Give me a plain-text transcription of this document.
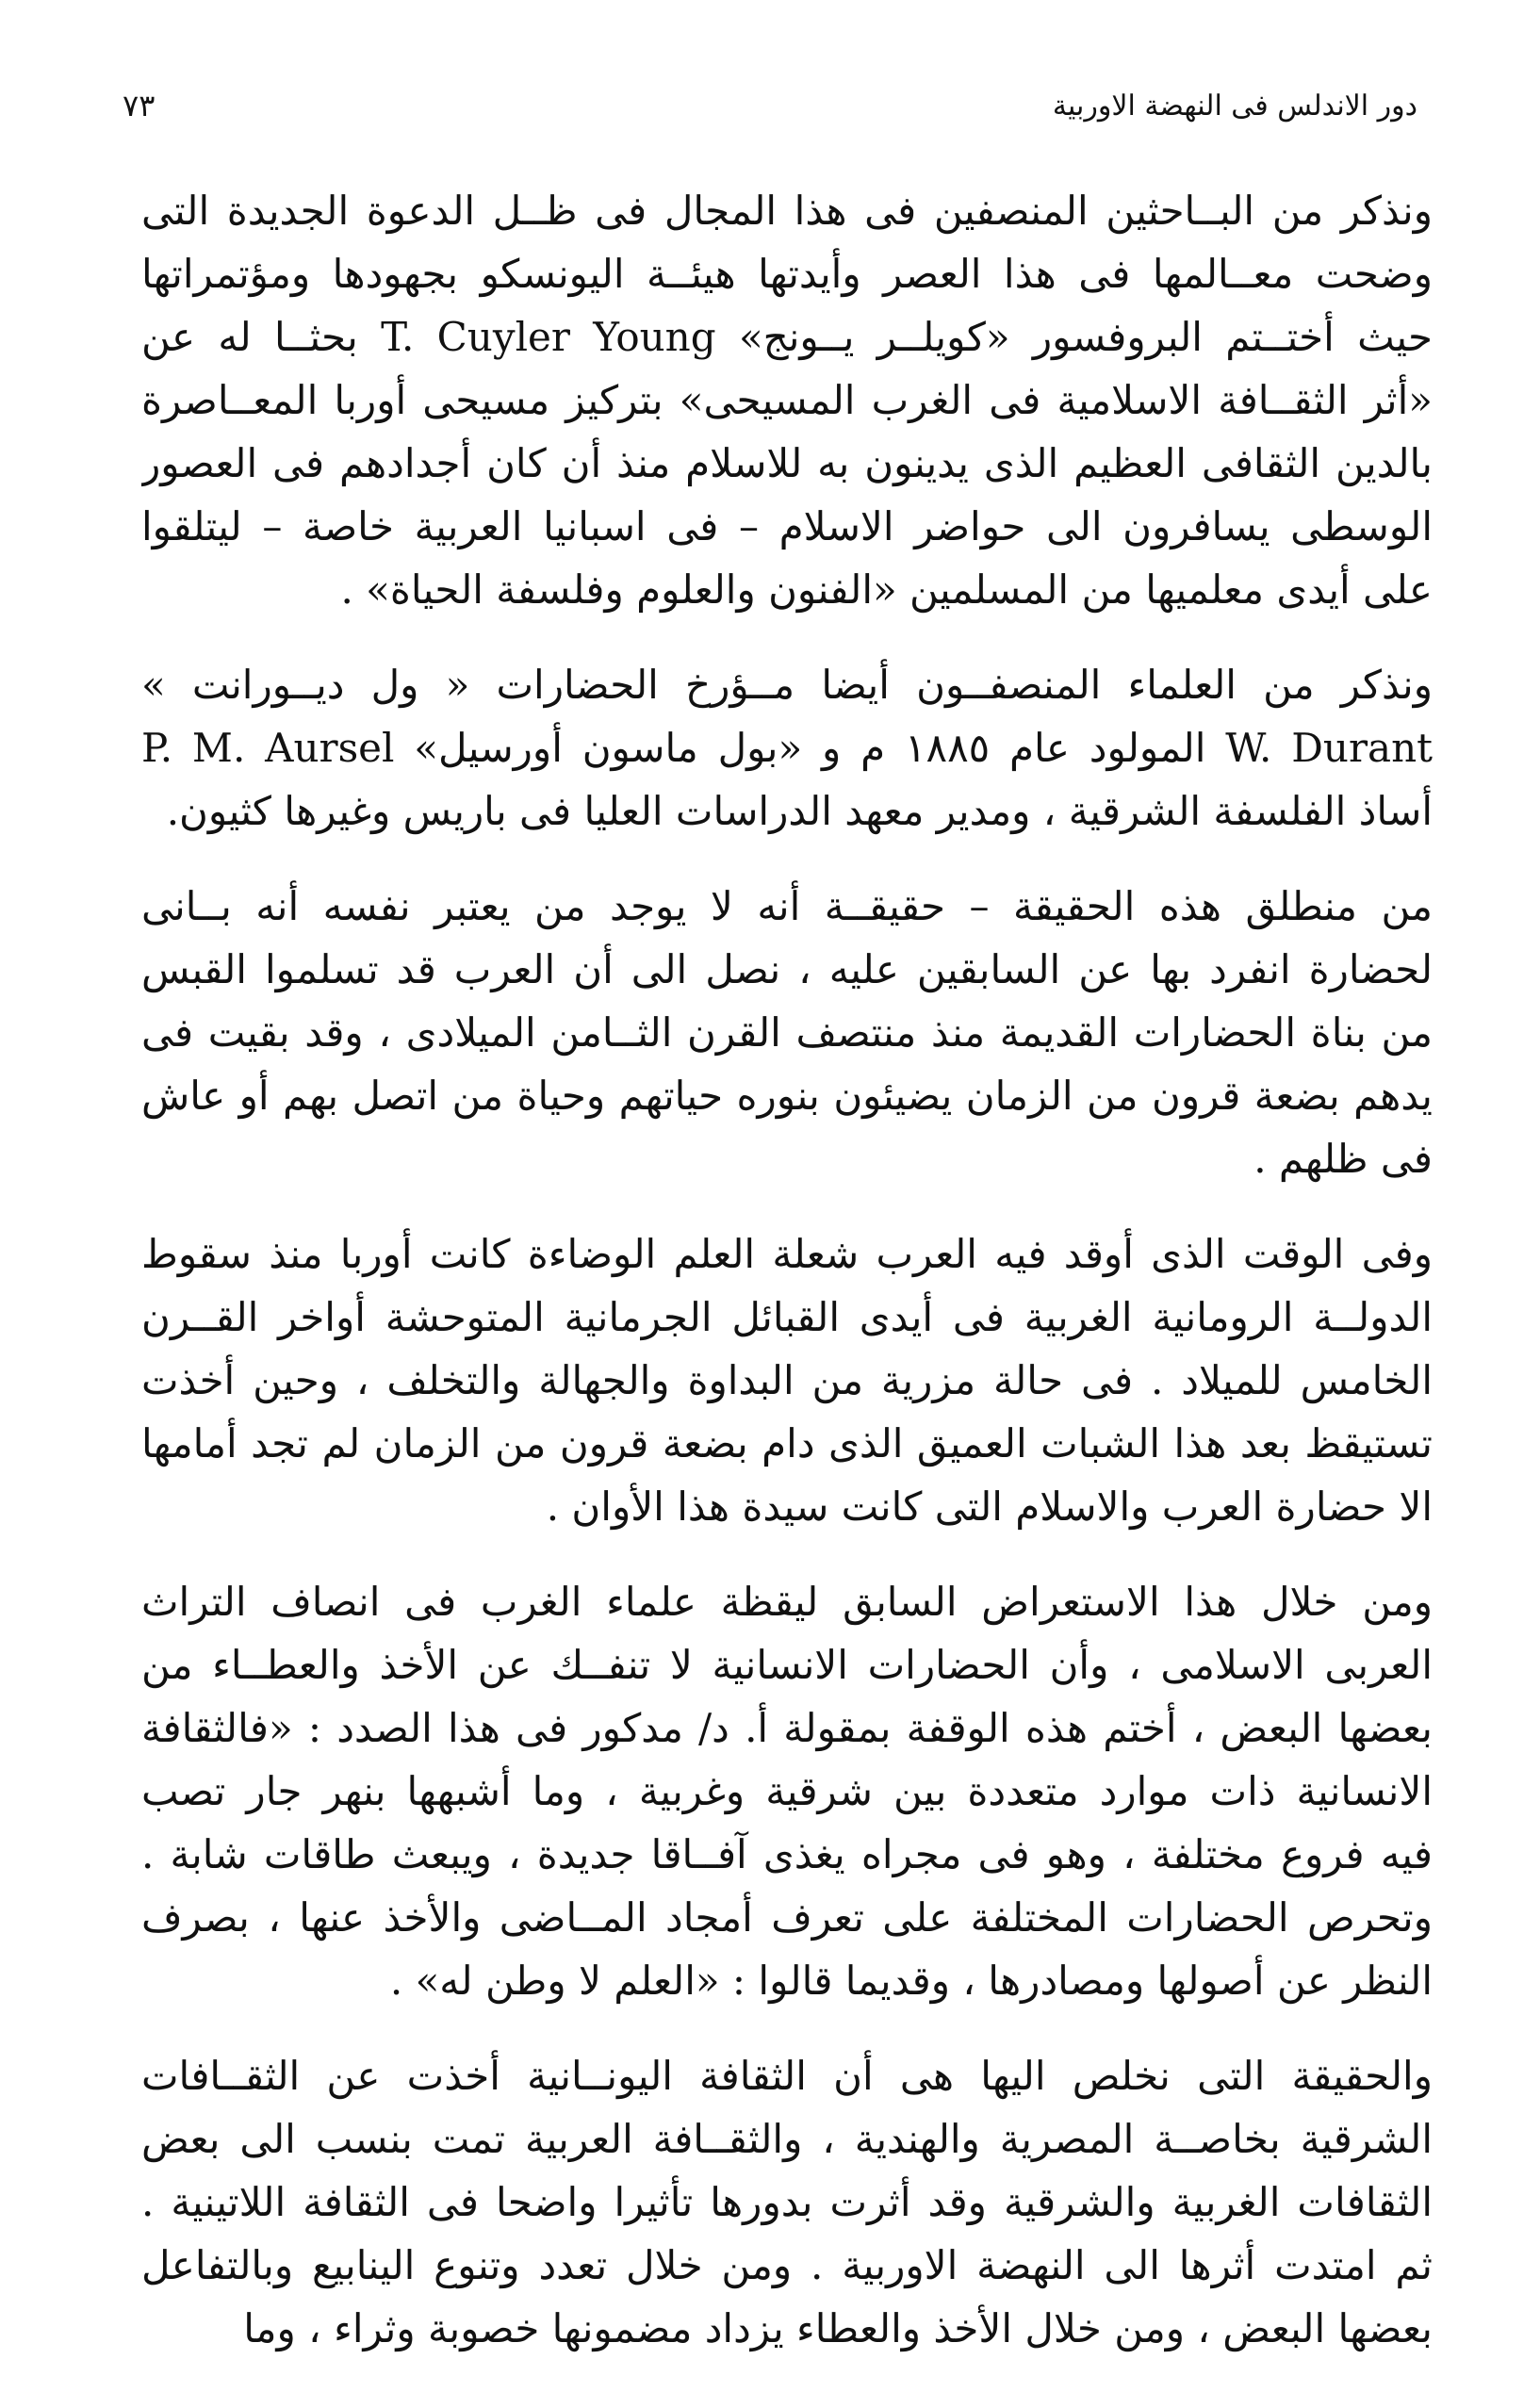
٧٣	دور الاندلس فى النهضة الاوربية
ونذكر من البــاحثين المنصفين فى هذا المجال فى ظــل الدعوة الجديدة التى
وضحت معــالمها فى هذا العصر وأيدتها هيئــة اليونسكو بجهودها ومؤتمراتها
حيث أختــتم البروفسور «كويلــر يــونج» T. Cuyler Young بحثــا له عن
«أثر الثقــافة الاسلامية فى الغرب المسيحى» بتركيز مسيحى أوربا المعــاصرة
بالدين الثقافى العظيم الذى يدينون به للاسلام منذ أن كان أجدادهم فى العصور
الوسطى يسافرون الى حواضر الاسلام – فى اسبانيا العربية خاصة – ليتلقوا
على أيدى معلميها من المسلمين «الفنون والعلوم وفلسفة الحياة» .
ونذكر من العلماء المنصفــون أيضا مــؤرخ الحضارات « ول ديــورانت »
W. Durant المولود عام ١٨٨٥ م و «بول ماسون أورسيل» P. M. Aursel
أساذ الفلسفة الشرقية ، ومدير معهد الدراسات العليا فى باريس وغيرها كثيون.
من منطلق هذه الحقيقة – حقيقــة أنه لا يوجد من يعتبر نفسه أنه بــانى
لحضارة انفرد بها عن السابقين عليه ، نصل الى أن العرب قد تسلموا القبس
من بناة الحضارات القديمة منذ منتصف القرن الثــامن الميلادى ، وقد بقيت فى
يدهم بضعة قرون من الزمان يضيئون بنوره حياتهم وحياة من اتصل بهم أو عاش
فى ظلهم .
وفى الوقت الذى أوقد فيه العرب شعلة العلم الوضاءة كانت أوربا منذ سقوط
الدولــة الرومانية الغربية فى أيدى القبائل الجرمانية المتوحشة أواخر القــرن
الخامس للميلاد . فى حالة مزرية من البداوة والجهالة والتخلف ، وحين أخذت
تستيقظ بعد هذا الشبات العميق الذى دام بضعة قرون من الزمان لم تجد أمامها
الا حضارة العرب والاسلام التى كانت سيدة هذا الأوان .
ومن خلال هذا الاستعراض السابق ليقظة علماء الغرب فى انصاف التراث
العربى الاسلامى ، وأن الحضارات الانسانية لا تنفــك عن الأخذ والعطــاء من
بعضها البعض ، أختم هذه الوقفة بمقولة أ. د/ مدكور فى هذا الصدد : «فالثقافة
الانسانية ذات موارد متعددة بين شرقية وغربية ، وما أشبهها بنهر جار تصب
فيه فروع مختلفة ، وهو فى مجراه يغذى آفــاقا جديدة ، ويبعث طاقات شابة .
وتحرص الحضارات المختلفة على تعرف أمجاد المــاضى والأخذ عنها ، بصرف
النظر عن أصولها ومصادرها ، وقديما قالوا : «العلم لا وطن له» .
والحقيقة التى نخلص اليها هى أن الثقافة اليونــانية أخذت عن الثقــافات
الشرقية بخاصــة المصرية والهندية ، والثقــافة العربية تمت بنسب الى بعض
الثقافات الغربية والشرقية وقد أثرت بدورها تأثيرا واضحا فى الثقافة اللاتينية .
ثم امتدت أثرها الى النهضة الاوربية . ومن خلال تعدد وتنوع الينابيع وبالتفاعل
بعضها البعض ، ومن خلال الأخذ والعطاء يزداد مضمونها خصوبة وثراء ، وما
